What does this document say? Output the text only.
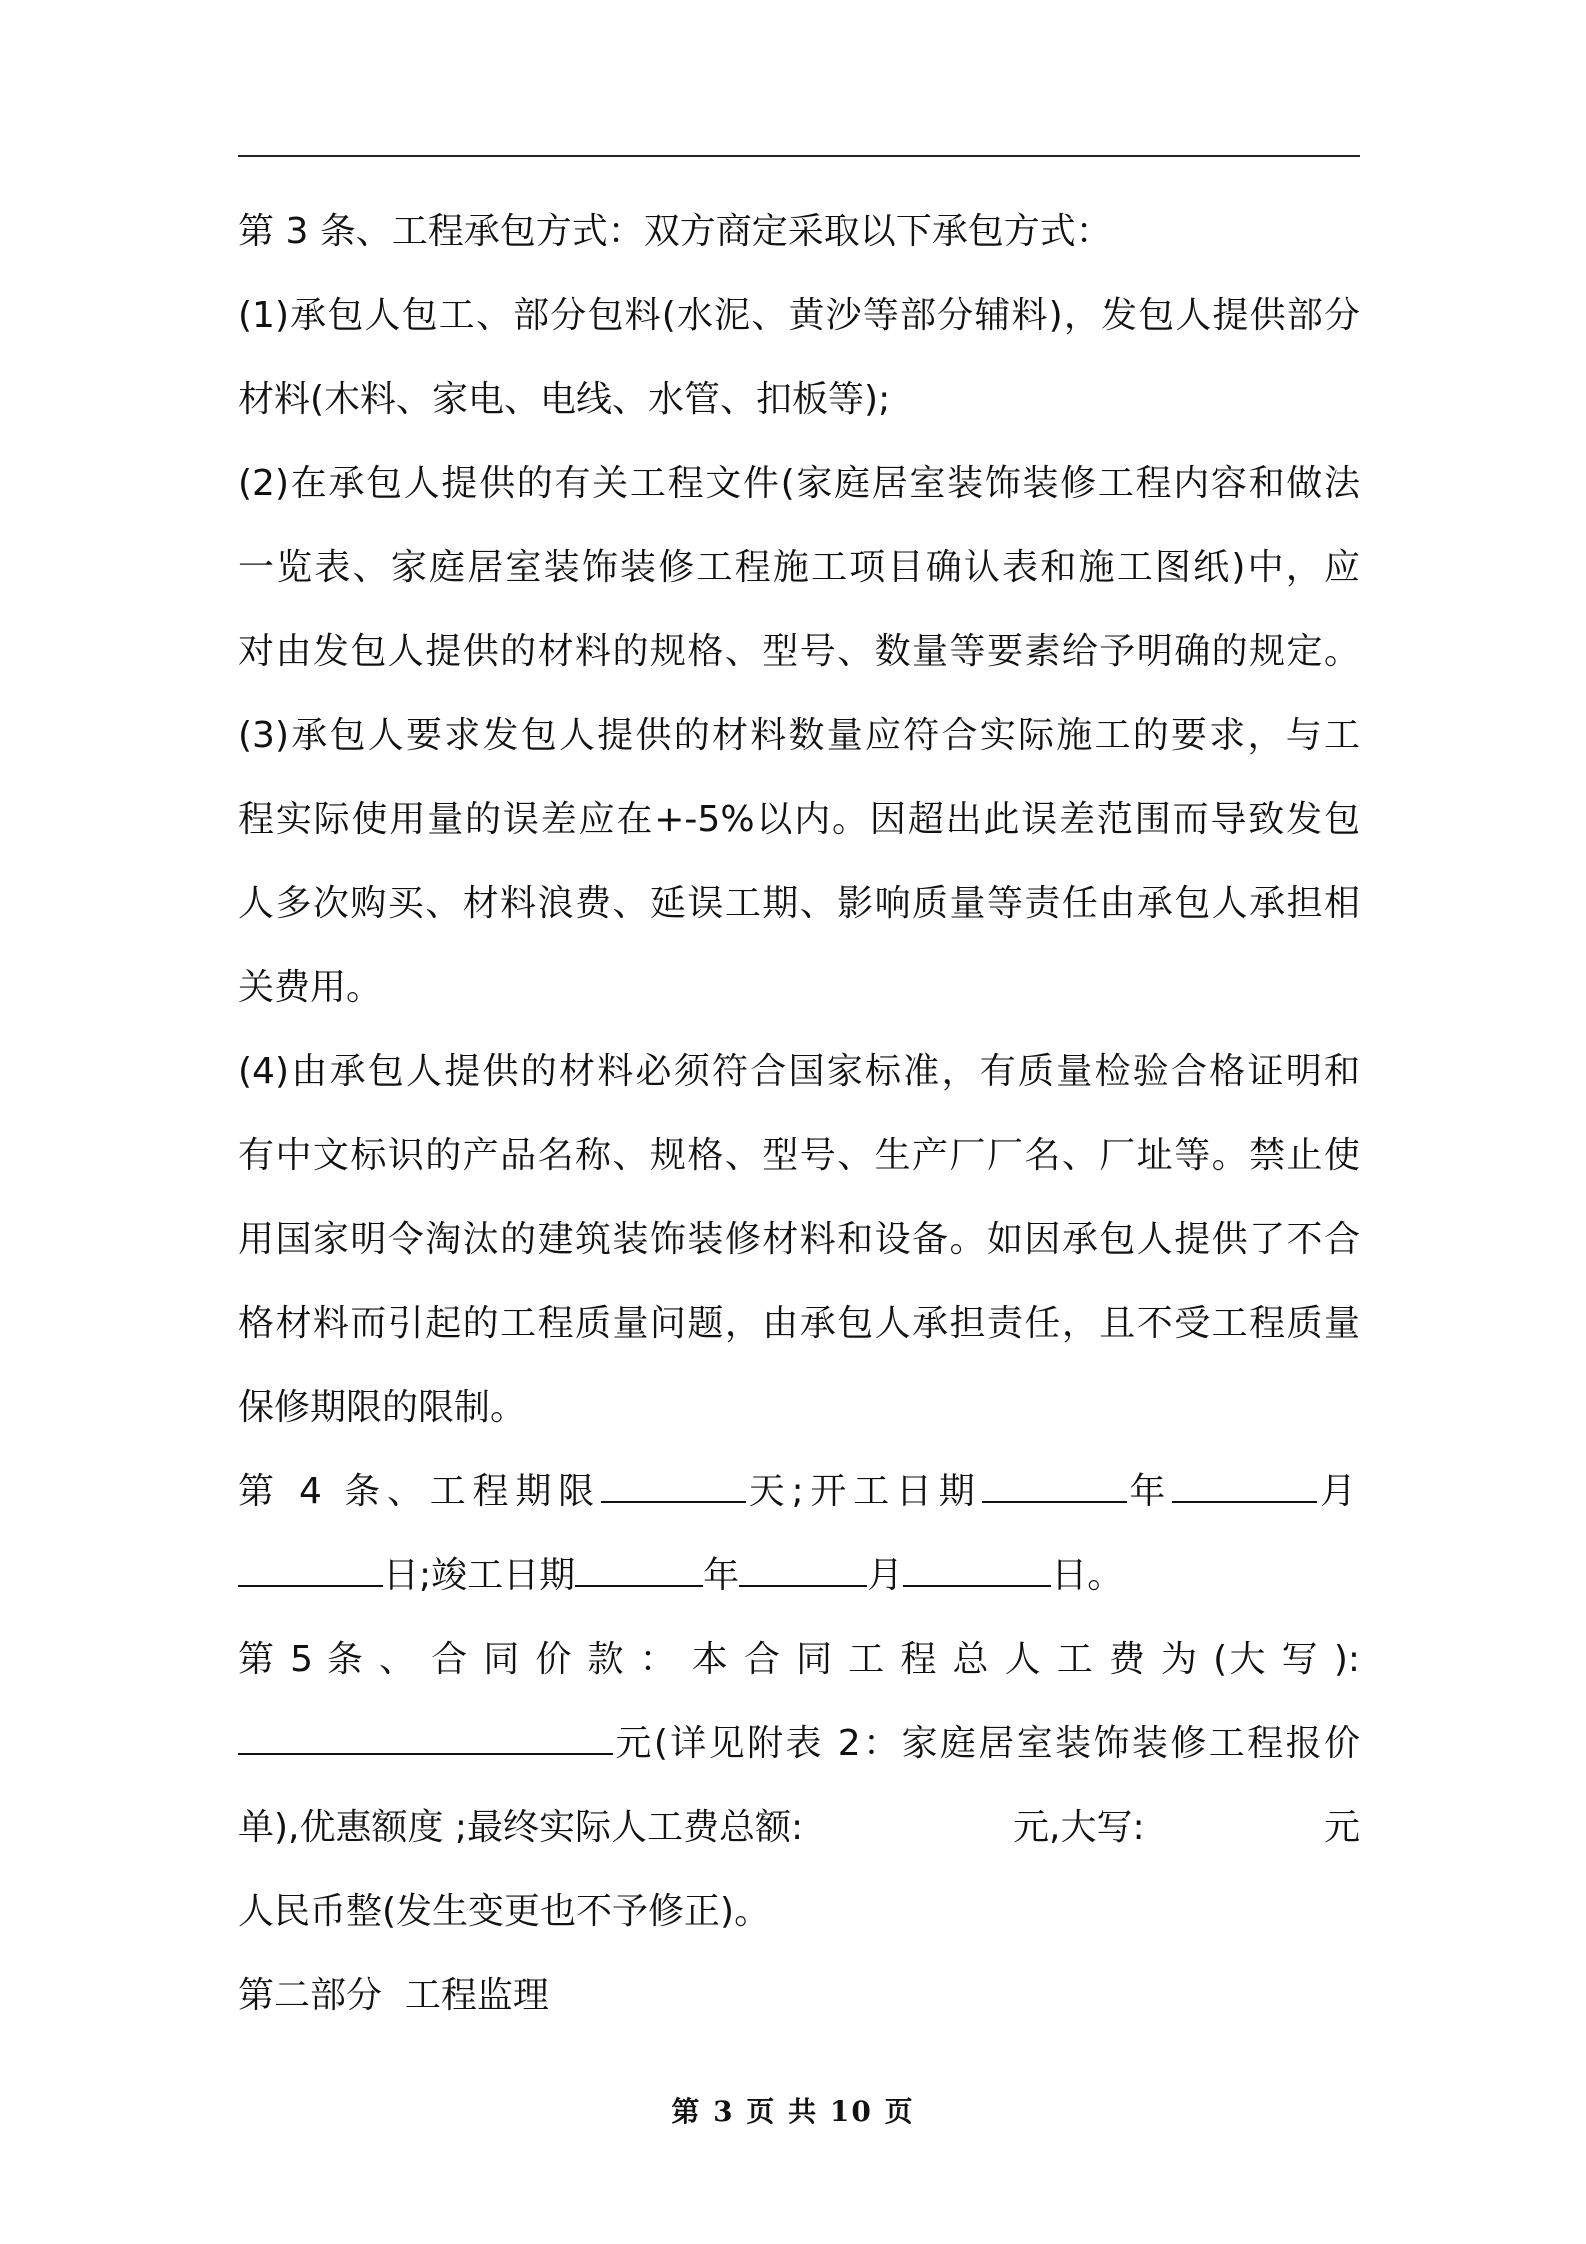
第 3 条、工程承包方式：双方商定采取以下承包方式：
(1)承包人包工、部分包料(水泥、黄沙等部分辅料)，发包人提供部分
材料(木料、家电、电线、水管、扣板等);
(2)在承包人提供的有关工程文件(家庭居室装饰装修工程内容和做法
一览表、家庭居室装饰装修工程施工项目确认表和施工图纸)中，应
对由发包人提供的材料的规格、型号、数量等要素给予明确的规定。
(3)承包人要求发包人提供的材料数量应符合实际施工的要求，与工
程实际使用量的误差应在+-5%以内。因超出此误差范围而导致发包
人多次购买、材料浪费、延误工期、影响质量等责任由承包人承担相
关费用。
(4)由承包人提供的材料必须符合国家标准，有质量检验合格证明和
有中文标识的产品名称、规格、型号、生产厂厂名、厂址等。禁止使
用国家明令淘汰的建筑装饰装修材料和设备。如因承包人提供了不合
格材料而引起的工程质量问题，由承包人承担责任，且不受工程质量
保修期限的限制。
第 4 条、工程期限	天;开工日期	年	月
日;竣工日期	年	月	日。
第 5 条 、 合 同 价 款 ： 本 合 同 工 程 总 人 工 费 为 (大 写 ):
元(详见附表 2：家庭居室装饰装修工程报价
单),优惠额度 ;最终实际人工费总额:	元,大写:	元
人民币整(发生变更也不予修正)。
第二部分  工程监理
第 3 页 共 10 页
